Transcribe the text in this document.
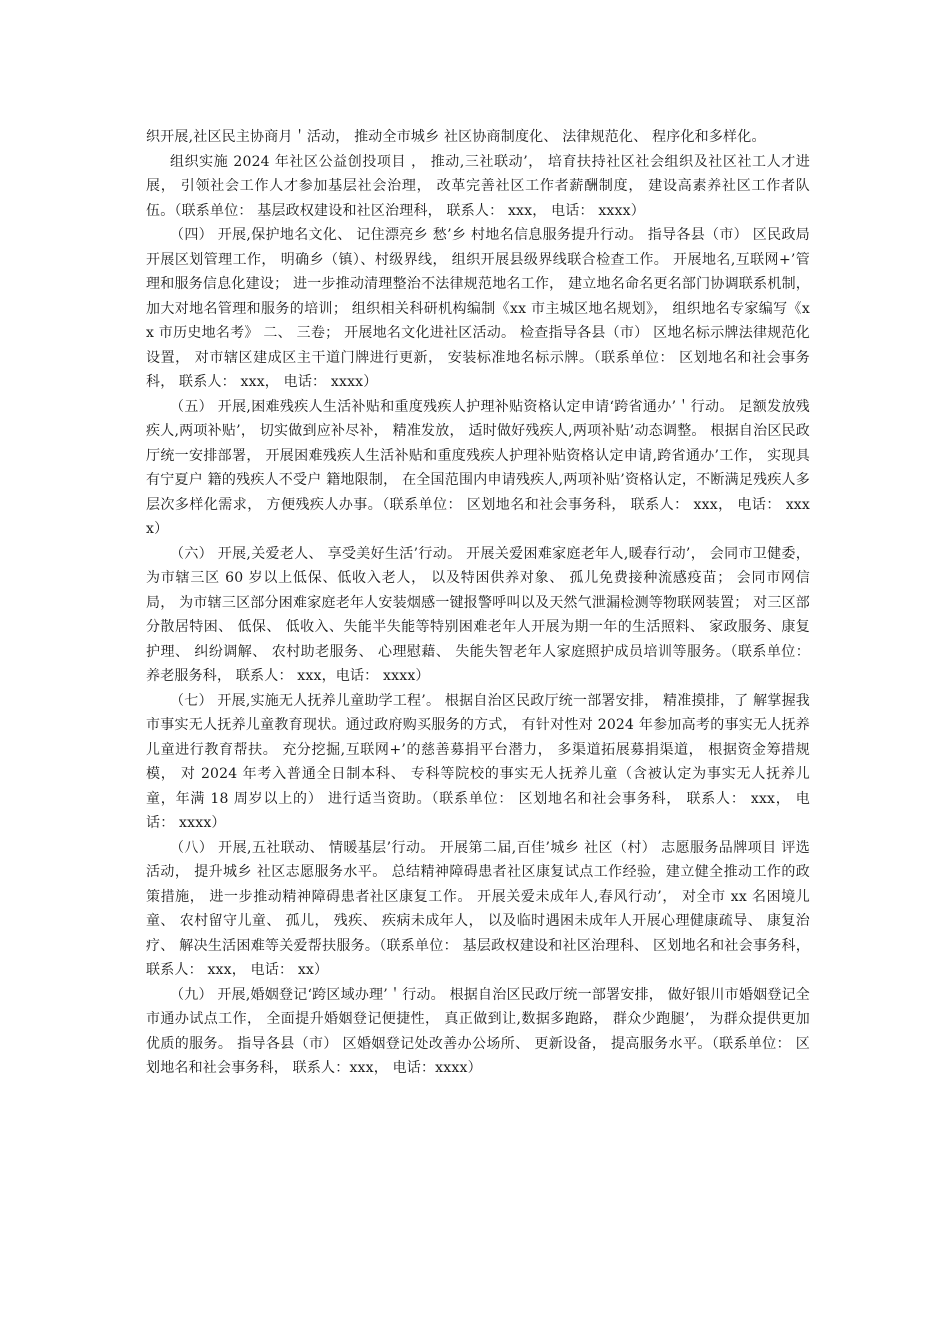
织开展,社区民主协商月＇活动， 推动全市城乡 社区协商制度化、 法律规范化、 程序化和多样化。

组织实施 2024 年社区公益创投项目 ， 推动,三社联动’， 培育扶持社区社会组织及社区社工人才进展， 引领社会工作人才参加基层社会治理， 改革完善社区工作者薪酬制度， 建设高素养社区工作者队伍。（联系单位： 基层政权建设和社区治理科， 联系人： xxx， 电话： xxxx）

（四） 开展,保护地名文化、 记住漂亮乡 愁’乡 村地名信息服务提升行动。 指导各县（市） 区民政局开展区划管理工作， 明确乡（镇）、村级界线， 组织开展县级界线联合检查工作。 开展地名,互联网+’管理和服务信息化建设； 进一步推动清理整治不法律规范地名工作， 建立地名命名更名部门协调联系机制， 加大对地名管理和服务的培训； 组织相关科研机构编制《xx 市主城区地名规划》， 组织地名专家编写《xx 市历史地名考》 二、 三卷； 开展地名文化进社区活动。 检查指导各县（市） 区地名标示牌法律规范化设置， 对市辖区建成区主干道门牌进行更新， 安装标准地名标示牌。（联系单位： 区划地名和社会事务科， 联系人： xxx， 电话： xxxx）

（五） 开展,困难残疾人生活补贴和重度残疾人护理补贴资格认定申请‘跨省通办’＇行动。 足额发放残疾人,两项补贴’， 切实做到应补尽补， 精准发放， 适时做好残疾人,两项补贴’动态调整。 根据自治区民政厅统一安排部署， 开展困难残疾人生活补贴和重度残疾人护理补贴资格认定申请,跨省通办’工作， 实现具有宁夏户 籍的残疾人不受户 籍地限制， 在全国范围内申请残疾人,两项补贴’资格认定，不断满足残疾人多层次多样化需求， 方便残疾人办事。（联系单位： 区划地名和社会事务科， 联系人： xxx， 电话： xxxx）

（六） 开展,关爱老人、 享受美好生活’行动。 开展关爱困难家庭老年人,暖春行动’， 会同市卫健委， 为市辖三区 60 岁以上低保、低收入老人， 以及特困供养对象、 孤儿免费接种流感疫苗； 会同市网信局， 为市辖三区部分困难家庭老年人安装烟感一键报警呼叫以及天然气泄漏检测等物联网装置； 对三区部分散居特困、 低保、 低收入、失能半失能等特别困难老年人开展为期一年的生活照料、 家政服务、康复护理、 纠纷调解、 农村助老服务、 心理慰藉、 失能失智老年人家庭照护成员培训等服务。（联系单位： 养老服务科， 联系人： xxx，电话： xxxx）

（七） 开展,实施无人抚养儿童助学工程’。 根据自治区民政厅统一部署安排， 精准摸排，了 解掌握我市事实无人抚养儿童教育现状。通过政府购买服务的方式， 有针对性对 2024 年参加高考的事实无人抚养儿童进行教育帮扶。 充分挖掘,互联网+’的慈善募捐平台潜力， 多渠道拓展募捐渠道， 根据资金筹措规模， 对 2024 年考入普通全日制本科、 专科等院校的事实无人抚养儿童（含被认定为事实无人抚养儿童，年满 18 周岁以上的） 进行适当资助。（联系单位： 区划地名和社会事务科， 联系人： xxx， 电话： xxxx）

（八） 开展,五社联动、 情暖基层’行动。 开展第二届,百佳’城乡 社区（村） 志愿服务品牌项目 评选活动， 提升城乡 社区志愿服务水平。 总结精神障碍患者社区康复试点工作经验，建立健全推动工作的政策措施， 进一步推动精神障碍患者社区康复工作。 开展关爱未成年人,春风行动’， 对全市 xx 名困境儿童、 农村留守儿童、 孤儿， 残疾、 疾病未成年人， 以及临时遇困未成年人开展心理健康疏导、 康复治疗、 解决生活困难等关爱帮扶服务。（联系单位： 基层政权建设和社区治理科、 区划地名和社会事务科， 联系人： xxx， 电话： xx）

（九） 开展,婚姻登记‘跨区域办理’＇行动。 根据自治区民政厅统一部署安排， 做好银川市婚姻登记全市通办试点工作， 全面提升婚姻登记便捷性， 真正做到让,数据多跑路， 群众少跑腿’， 为群众提供更加优质的服务。 指导各县（市） 区婚姻登记处改善办公场所、 更新设备， 提高服务水平。（联系单位： 区划地名和社会事务科， 联系人：xxx， 电话：xxxx）
